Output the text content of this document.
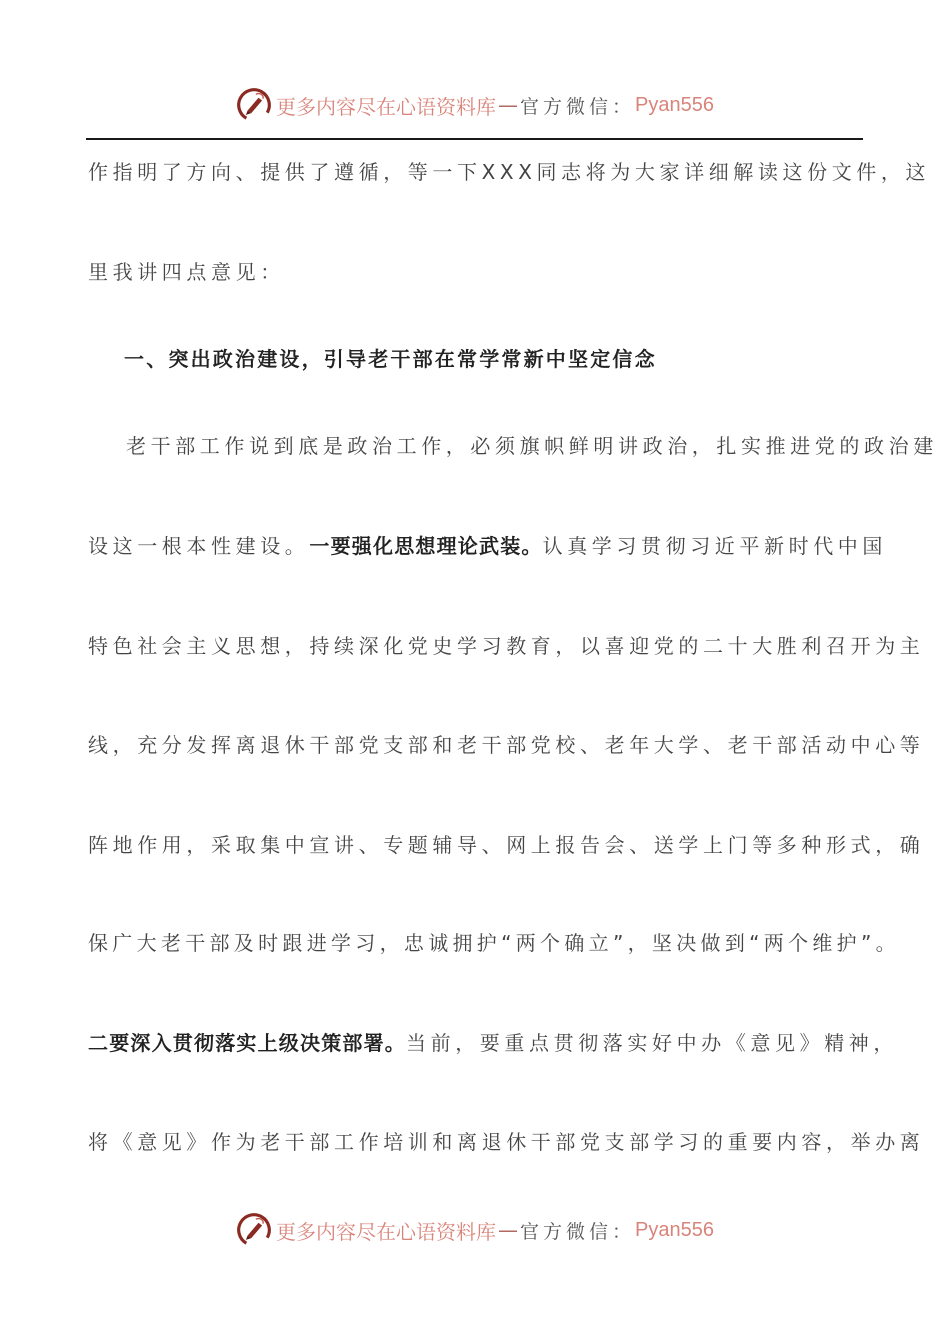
更多内容尽在心语资料库 — 官方微信： Pyan556
作指明了方向、提供了遵循，等一下XXX同志将为大家详细解读这份文件，这
里我讲四点意见：
一、突出政治建设，引导老干部在常学常新中坚定信念
老干部工作说到底是政治工作，必须旗帜鲜明讲政治，扎实推进党的政治建
设这一根本性建设。一要强化思想理论武装。认真学习贯彻习近平新时代中国
特色社会主义思想，持续深化党史学习教育，以喜迎党的二十大胜利召开为主
线，充分发挥离退休干部党支部和老干部党校、老年大学、老干部活动中心等
阵地作用，采取集中宣讲、专题辅导、网上报告会、送学上门等多种形式，确
保广大老干部及时跟进学习，忠诚拥护“两个确立”，坚决做到“两个维护”。
二要深入贯彻落实上级决策部署。当前，要重点贯彻落实好中办《意见》精神，
将《意见》作为老干部工作培训和离退休干部党支部学习的重要内容，举办离
更多内容尽在心语资料库 — 官方微信： Pyan556
